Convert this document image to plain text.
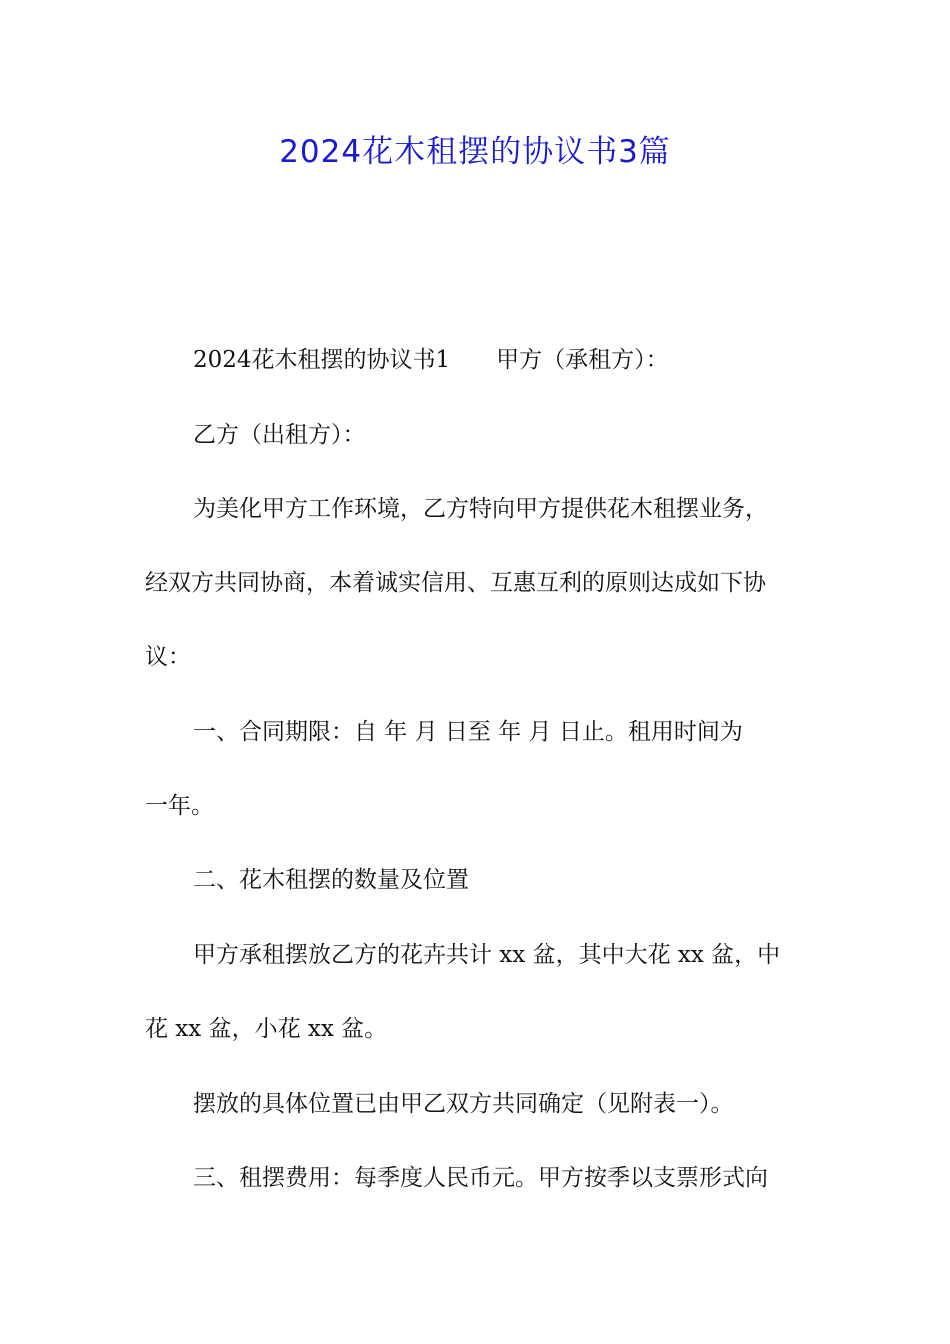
2024花木租摆的协议书3篇

2024花木租摆的协议书1 甲方（承租方）：

乙方（出租方）：

为美化甲方工作环境，乙方特向甲方提供花木租摆业务，

经双方共同协商，本着诚实信用、互惠互利的原则达成如下协

议：

一、合同期限：自 年 月 日至 年 月 日止。租用时间为

一年。

二、花木租摆的数量及位置

甲方承租摆放乙方的花卉共计 xx 盆，其中大花 xx 盆，中

花 xx 盆，小花 xx 盆。

摆放的具体位置已由甲乙双方共同确定（见附表一）。

三、租摆费用：每季度人民币元。甲方按季以支票形式向
